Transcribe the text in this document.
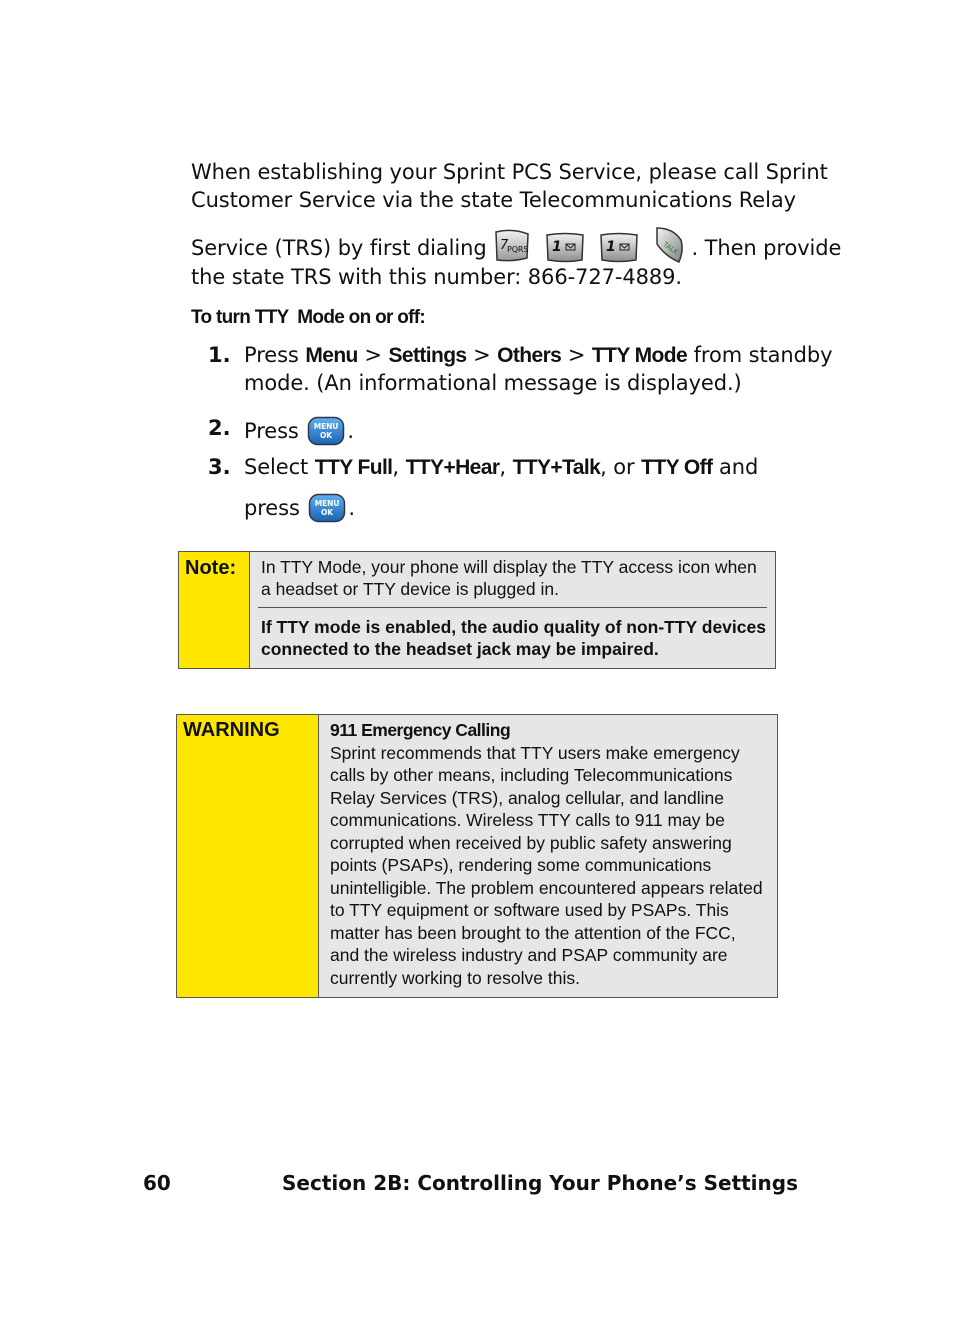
When establishing your Sprint PCS Service, please call Sprint
Customer Service via the state Telecommunications Relay
Service (TRS) by first dialing 7
PQRS
1
	1
	TALK . Then provide
the state TRS with this number: 866-727-4889.
To turn TTY  Mode on or off:
1. Press Menu > Settings > Others > TTY Mode from standby
mode. (An informational message is displayed.)
2. Press MENU
OK .
3. Select TTY Full, TTY+Hear, TTY+Talk, or TTY Off and
press MENU
OK .
Note:	In TTY Mode, your phone will display the TTY access icon when a headset or TTY device is plugged in.
If TTY mode is enabled, the audio quality of non-TTY devices connected to the headset jack may be impaired.
WARNING	911 Emergency Calling
Sprint recommends that TTY users make emergency calls by other means, including Telecommunications Relay Services (TRS), analog cellular, and landline communications. Wireless TTY calls to 911 may be corrupted when received by public safety answering points (PSAPs), rendering some communications unintelligible. The problem encountered appears related to TTY equipment or software used by PSAPs. This matter has been brought to the attention of the FCC, and the wireless industry and PSAP community are currently working to resolve this.
60	Section 2B: Controlling Your Phone’s Settings
